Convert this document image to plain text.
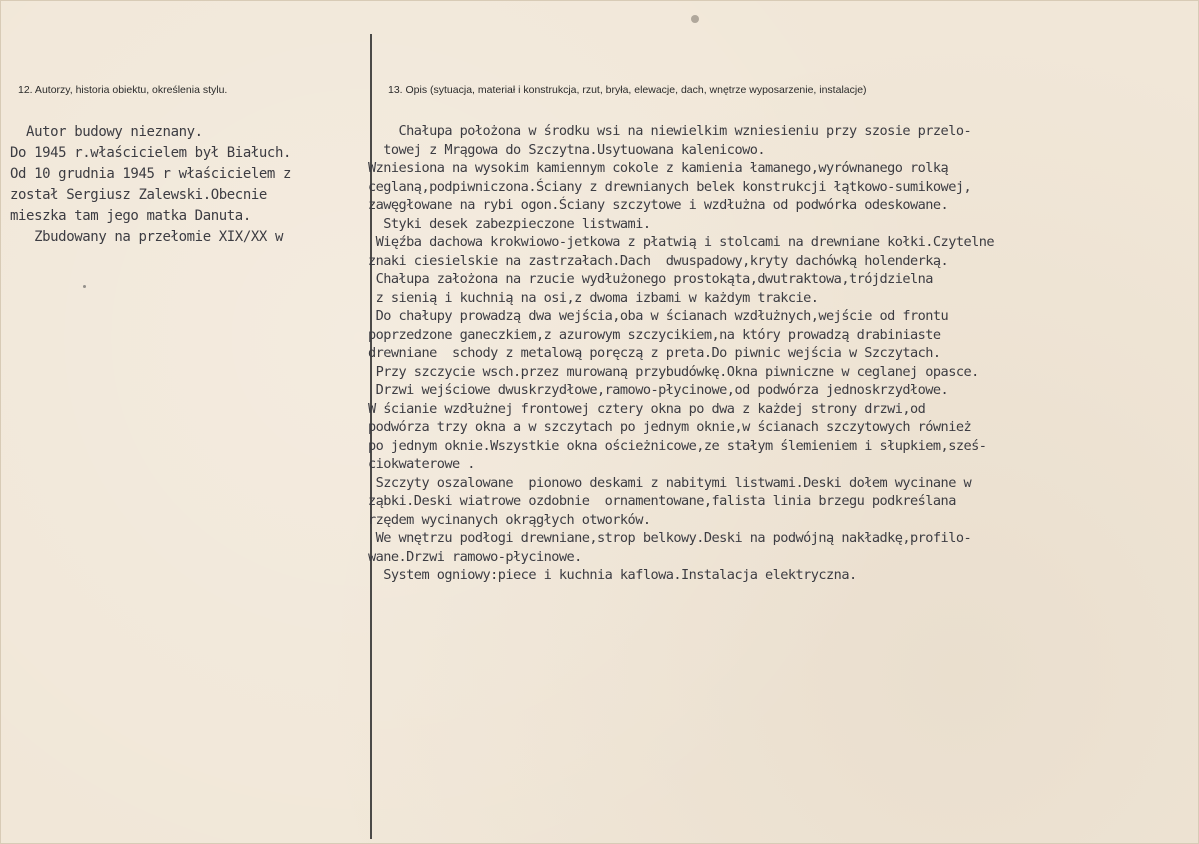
12. Autorzy, historia obiektu, określenia stylu.	13. Opis (sytuacja, materiał i konstrukcja, rzut, bryła, elewacje, dach, wnętrze wyposarzenie, instalacje)
Autor budowy nieznany.
Do 1945 r.właścicielem był Białuch.
Od 10 grudnia 1945 r właścicielem z
został Sergiusz Zalewski.Obecnie
mieszka tam jego matka Danuta.
Zbudowany na przełomie XIX/XX w
Chałupa położona w środku wsi na niewielkim wzniesieniu przy szosie przelo-
towej z Mrągowa do Szczytna.Usytuowana kalenicowo.
Wzniesiona na wysokim kamiennym cokole z kamienia łamanego,wyrównanego rolką
ceglaną,podpiwniczona.Ściany z drewnianych belek konstrukcji łątkowo-sumikowej,
zawęgłowane na rybi ogon.Ściany szczytowe i wzdłużna od podwórka odeskowane.
Styki desek zabezpieczone listwami.
Więźba dachowa krokwiowo-jetkowa z płatwią i stolcami na drewniane kołki.Czytelne
znaki ciesielskie na zastrzałach.Dach  dwuspadowy,kryty dachówką holenderką.
Chałupa założona na rzucie wydłużonego prostokąta,dwutraktowa,trójdzielna
z sienią i kuchnią na osi,z dwoma izbami w każdym trakcie.
Do chałupy prowadzą dwa wejścia,oba w ścianach wzdłużnych,wejście od frontu
poprzedzone ganeczkiem,z azurowym szczycikiem,na który prowadzą drabiniaste
drewniane  schody z metalową poręczą z preta.Do piwnic wejścia w Szczytach.
Przy szczycie wsch.przez murowaną przybudówkę.Okna piwniczne w ceglanej opasce.
Drzwi wejściowe dwuskrzydłowe,ramowo-płycinowe,od podwórza jednoskrzydłowe.
W ścianie wzdłużnej frontowej cztery okna po dwa z każdej strony drzwi,od
podwórza trzy okna a w szczytach po jednym oknie,w ścianach szczytowych również
po jednym oknie.Wszystkie okna ościeżnicowe,ze stałym ślemieniem i słupkiem,sześ-
ciokwaterowe .
Szczyty oszalowane  pionowo deskami z nabitymi listwami.Deski dołem wycinane w
ząbki.Deski wiatrowe ozdobnie  ornamentowane,falista linia brzegu podkreślana
rzędem wycinanych okrągłych otworków.
We wnętrzu podłogi drewniane,strop belkowy.Deski na podwójną nakładkę,profilo-
wane.Drzwi ramowo-płycinowe.
System ogniowy:piece i kuchnia kaflowa.Instalacja elektryczna.
